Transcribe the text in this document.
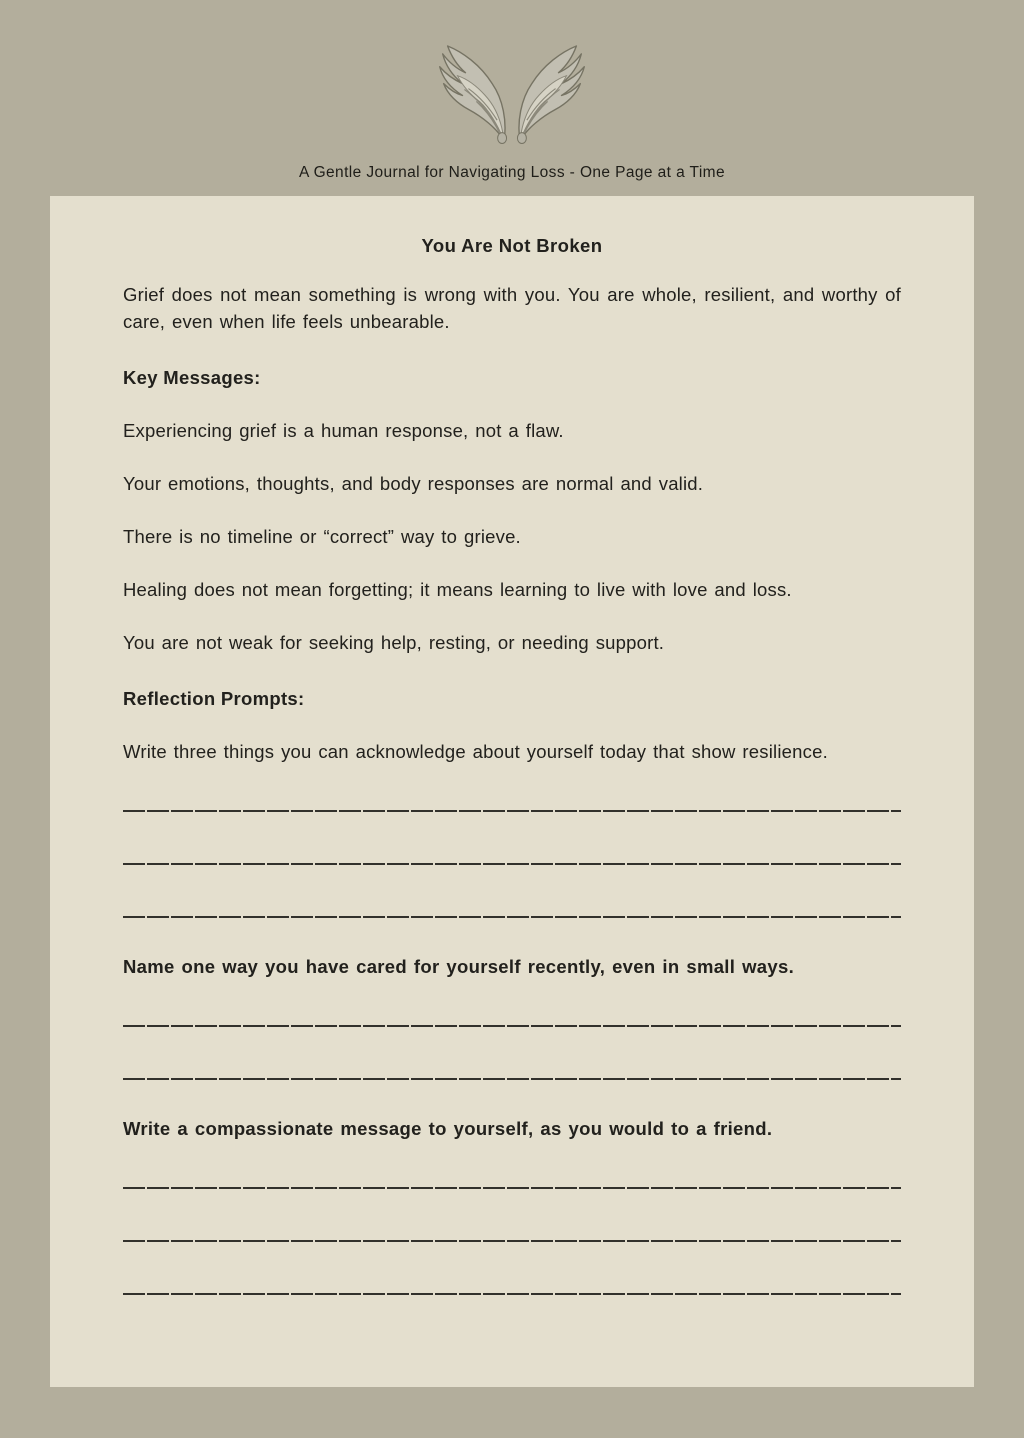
A Gentle Journal for Navigating Loss - One Page at a Time
You Are Not Broken

Grief does not mean something is wrong with you. You are whole, resilient, and worthy of care, even when life feels unbearable.

Key Messages:

Experiencing grief is a human response, not a flaw.

Your emotions, thoughts, and body responses are normal and valid.

There is no timeline or “correct” way to grieve.

Healing does not mean forgetting; it means learning to live with love and loss.

You are not weak for seeking help, resting, or needing support.

Reflection Prompts:

Write three things you can acknowledge about yourself today that show resilience.

Name one way you have cared for yourself recently, even in small ways.

Write a compassionate message to yourself, as you would to a friend.
